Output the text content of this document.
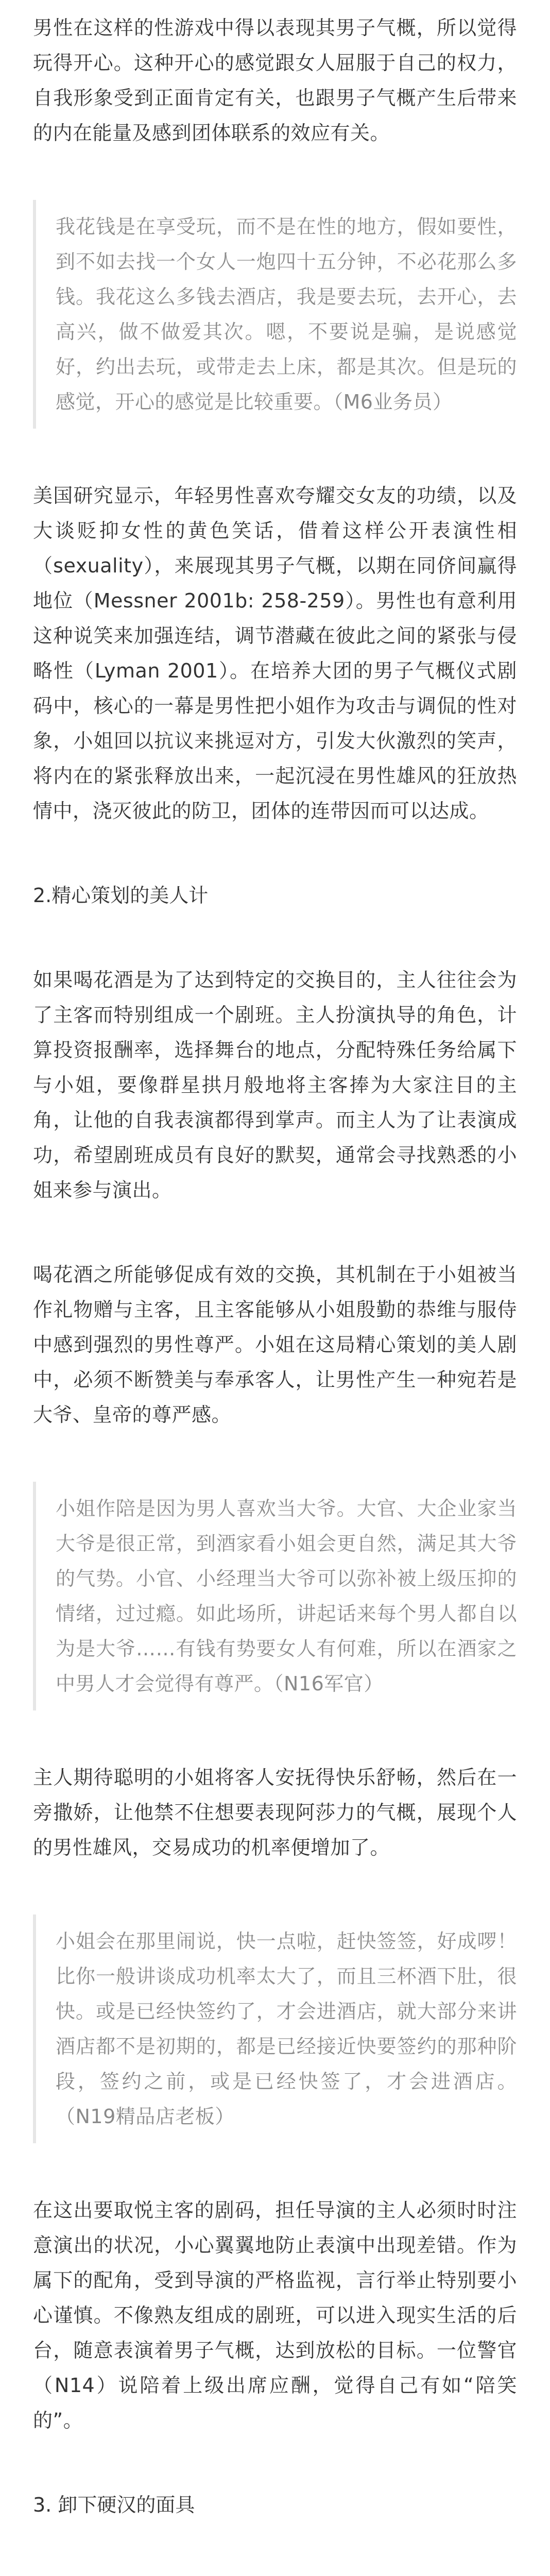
男性在这样的性游戏中得以表现其男子气概，所以觉得玩得开心。这种开心的感觉跟女人屈服于自己的权力，自我形象受到正面肯定有关，也跟男子气概产生后带来的内在能量及感到团体联系的效应有关。

我花钱是在享受玩，而不是在性的地方，假如要性，到不如去找一个女人一炮四十五分钟，不必花那么多钱。我花这么多钱去酒店，我是要去玩，去开心，去高兴，做不做爱其次。嗯，不要说是骗，是说感觉好，约出去玩，或带走去上床，都是其次。但是玩的感觉，开心的感觉是比较重要。（M6业务员）

美国研究显示，年轻男性喜欢夸耀交女友的功绩，以及大谈贬抑女性的黄色笑话，借着这样公开表演性相（sexuality），来展现其男子气概，以期在同侪间赢得地位（Messner 2001b: 258-259）。男性也有意利用这种说笑来加强连结，调节潜藏在彼此之间的紧张与侵略性（Lyman 2001）。在培养大团的男子气概仪式剧码中，核心的一幕是男性把小姐作为攻击与调侃的性对象，小姐回以抗议来挑逗对方，引发大伙激烈的笑声，将内在的紧张释放出来，一起沉浸在男性雄风的狂放热情中，浇灭彼此的防卫，团体的连带因而可以达成。

2.精心策划的美人计

如果喝花酒是为了达到特定的交换目的，主人往往会为了主客而特别组成一个剧班。主人扮演执导的角色，计算投资报酬率，选择舞台的地点，分配特殊任务给属下与小姐，要像群星拱月般地将主客捧为大家注目的主角，让他的自我表演都得到掌声。而主人为了让表演成功，希望剧班成员有良好的默契，通常会寻找熟悉的小姐来参与演出。

喝花酒之所能够促成有效的交换，其机制在于小姐被当作礼物赠与主客，且主客能够从小姐殷勤的恭维与服侍中感到强烈的男性尊严。小姐在这局精心策划的美人剧中，必须不断赞美与奉承客人，让男性产生一种宛若是大爷、皇帝的尊严感。

小姐作陪是因为男人喜欢当大爷。大官、大企业家当大爷是很正常，到酒家看小姐会更自然，满足其大爷的气势。小官、小经理当大爷可以弥补被上级压抑的情绪，过过瘾。如此场所，讲起话来每个男人都自以为是大爷……有钱有势要女人有何难，所以在酒家之中男人才会觉得有尊严。（N16军官）

主人期待聪明的小姐将客人安抚得快乐舒畅，然后在一旁撒娇，让他禁不住想要表现阿莎力的气概，展现个人的男性雄风，交易成功的机率便增加了。

小姐会在那里闹说，快一点啦，赶快签签，好成啰！比你一般讲谈成功机率太大了，而且三杯酒下肚，很快。或是已经快签约了，才会进酒店，就大部分来讲酒店都不是初期的，都是已经接近快要签约的那种阶段，签约之前，或是已经快签了，才会进酒店。（N19精品店老板）

在这出要取悦主客的剧码，担任导演的主人必须时时注意演出的状况，小心翼翼地防止表演中出现差错。作为属下的配角，受到导演的严格监视，言行举止特别要小心谨慎。不像熟友组成的剧班，可以进入现实生活的后台，随意表演着男子气概，达到放松的目标。一位警官（N14）说陪着上级出席应酬，觉得自己有如“陪笑的”。

3. 卸下硬汉的面具
